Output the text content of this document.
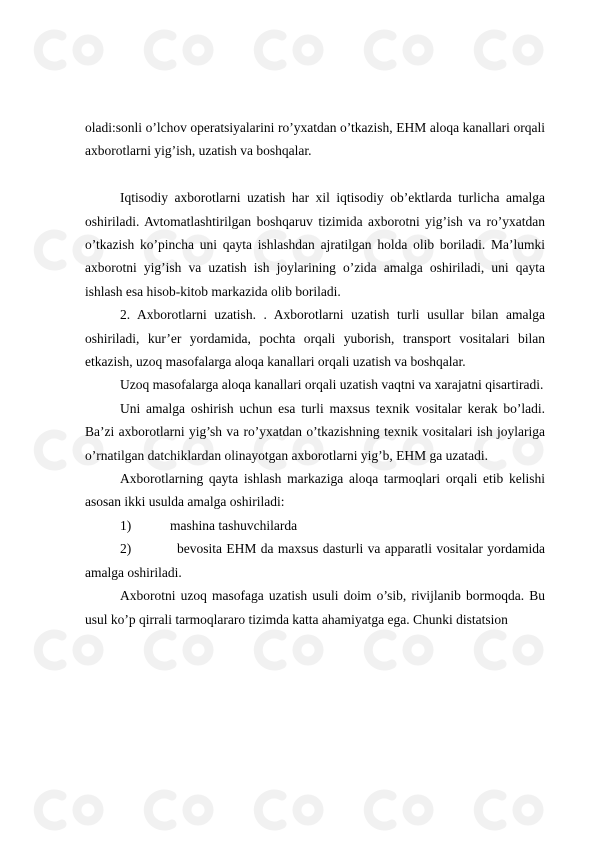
oladi:sonli o’lchov operatsiyalarini ro’yxatdan o’tkazish, EHM aloqa kanallari orqali axborotlarni yig’ish, uzatish va boshqalar.

Iqtisodiy axborotlarni uzatish har xil iqtisodiy ob’ektlarda turlicha amalga oshiriladi. Avtomatlashtirilgan boshqaruv tizimida axborotni yig’ish va ro’yxatdan o’tkazish ko’pincha uni qayta ishlashdan ajratilgan holda olib boriladi. Ma’lumki axborotni yig’ish va uzatish ish joylarining o’zida amalga oshiriladi, uni qayta ishlash esa hisob-kitob markazida olib boriladi.

2. Axborotlarni uzatish. . Axborotlarni uzatish turli usullar bilan amalga oshiriladi, kur’er yordamida, pochta orqali yuborish, transport vositalari bilan etkazish, uzoq masofalarga aloqa kanallari orqali uzatish va boshqalar.

Uzoq masofalarga aloqa kanallari orqali uzatish vaqtni va xarajatni qisartiradi.

Uni amalga oshirish uchun esa turli maxsus texnik vositalar kerak bo’ladi. Ba’zi axborotlarni yig’sh va ro’yxatdan o’tkazishning texnik vositalari ish joylariga o’rnatilgan datchiklardan olinayotgan axborotlarni yig’b, EHM ga uzatadi.

Axborotlarning qayta ishlash markaziga aloqa tarmoqlari orqali etib kelishi asosan ikki usulda amalga oshiriladi:

1)	mashina tashuvchilarda

2)	bevosita EHM da maxsus dasturli va apparatli vositalar yordamida amalga oshiriladi.

Axborotni uzoq masofaga uzatish usuli doim o’sib, rivijlanib bormoqda. Bu usul ko’p qirrali tarmoqlararo tizimda katta ahamiyatga ega. Chunki distatsion
